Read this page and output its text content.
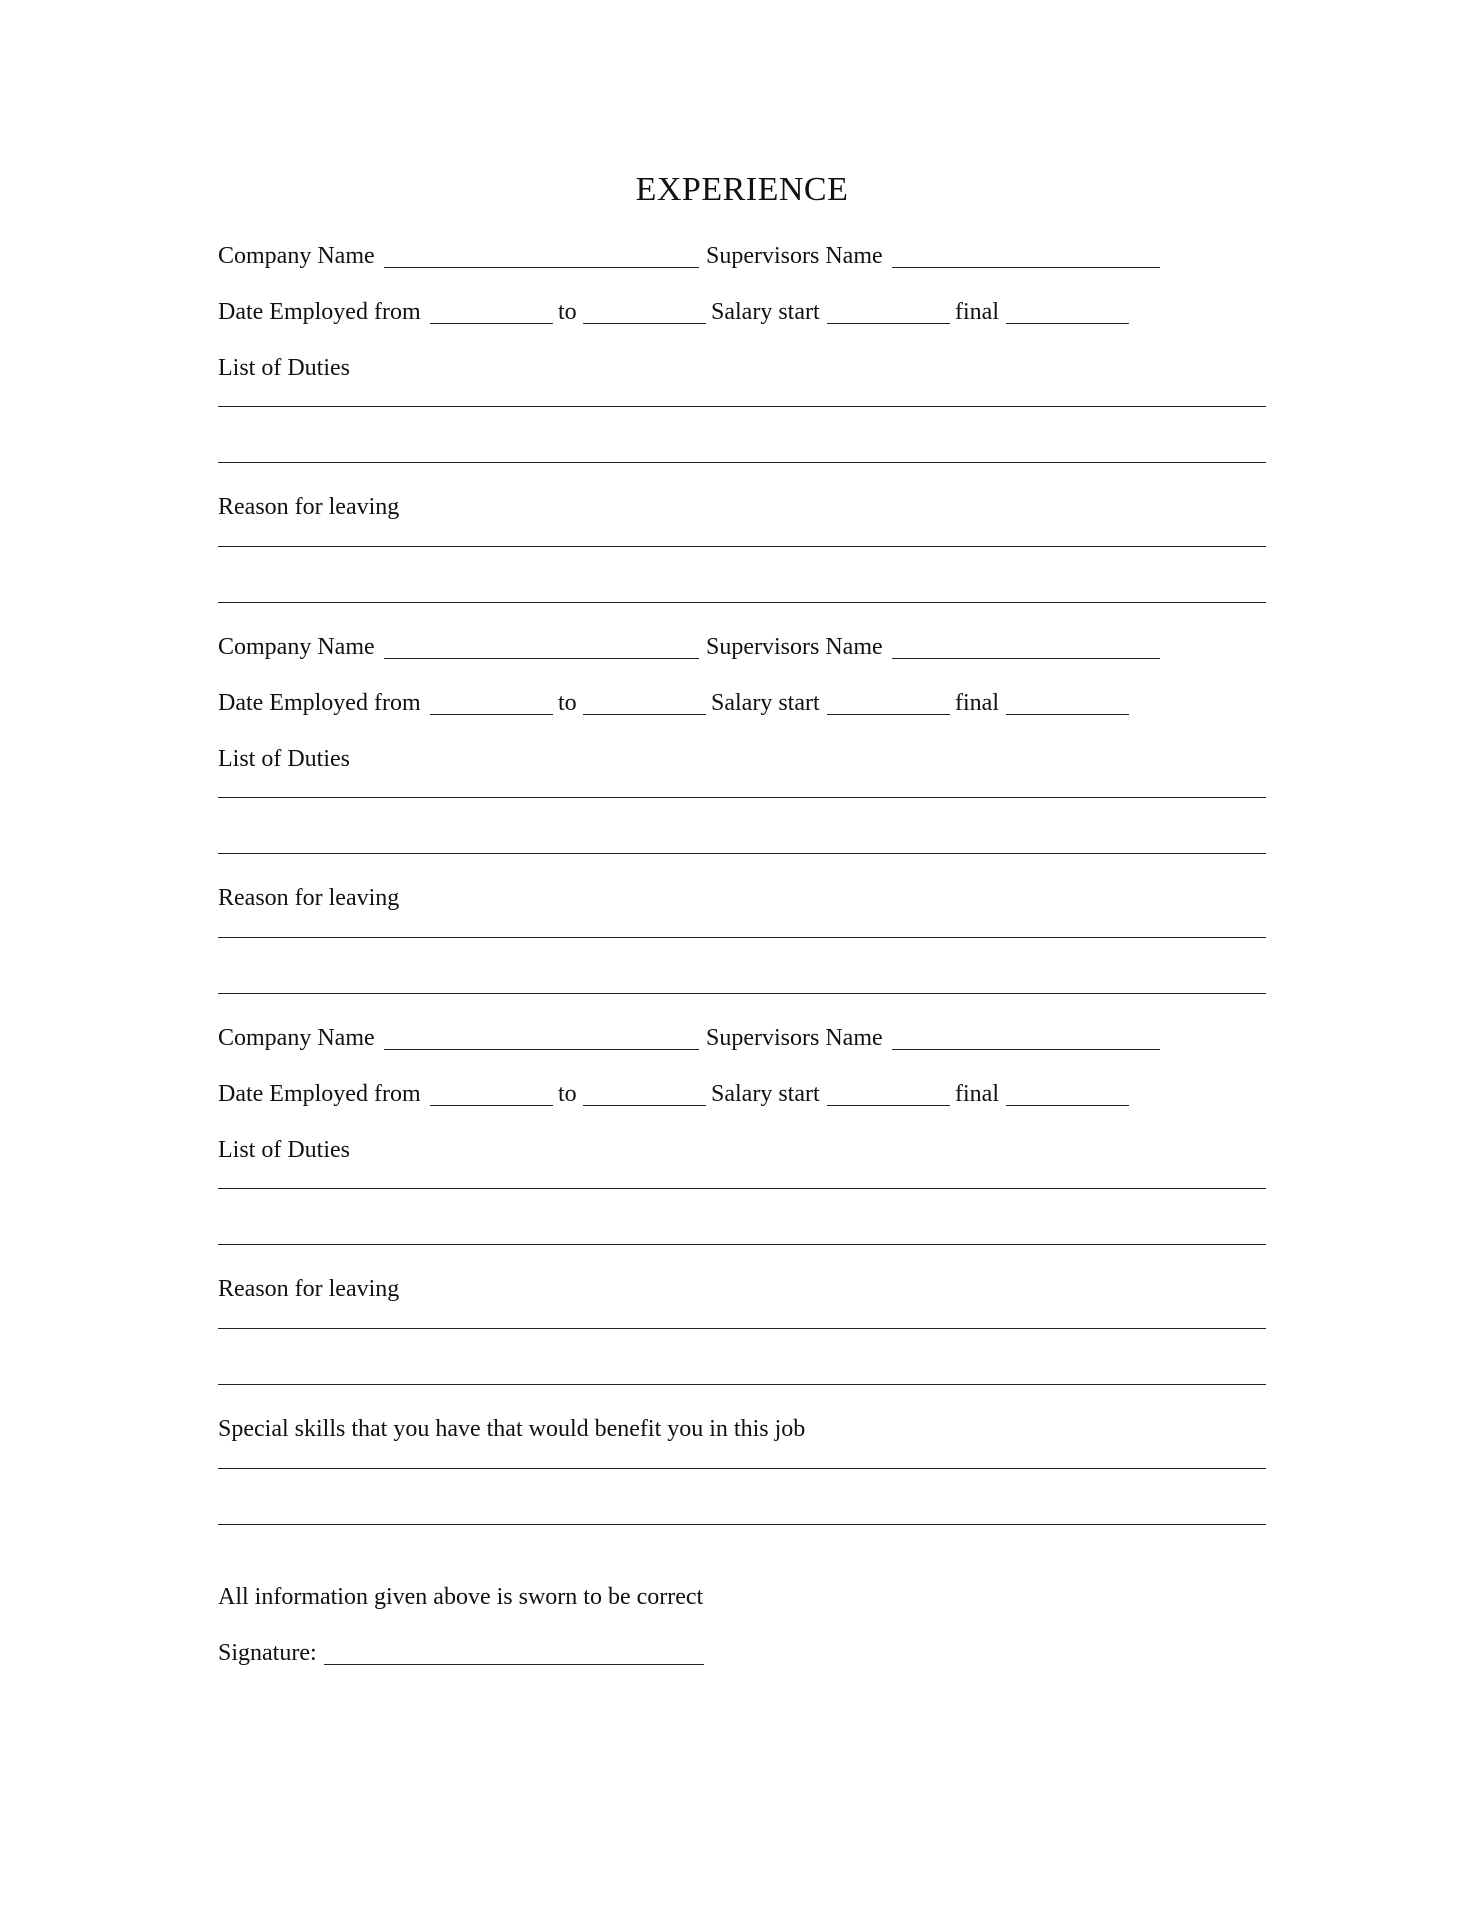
EXPERIENCE
Company Name	Supervisors Name
Date Employed from	to	Salary start	final
List of Duties
Reason for leaving
Company Name	Supervisors Name
Date Employed from	to	Salary start	final
List of Duties
Reason for leaving
Company Name	Supervisors Name
Date Employed from	to	Salary start	final
List of Duties
Reason for leaving
Special skills that you have that would benefit you in this job
All information given above is sworn to be correct
Signature:
